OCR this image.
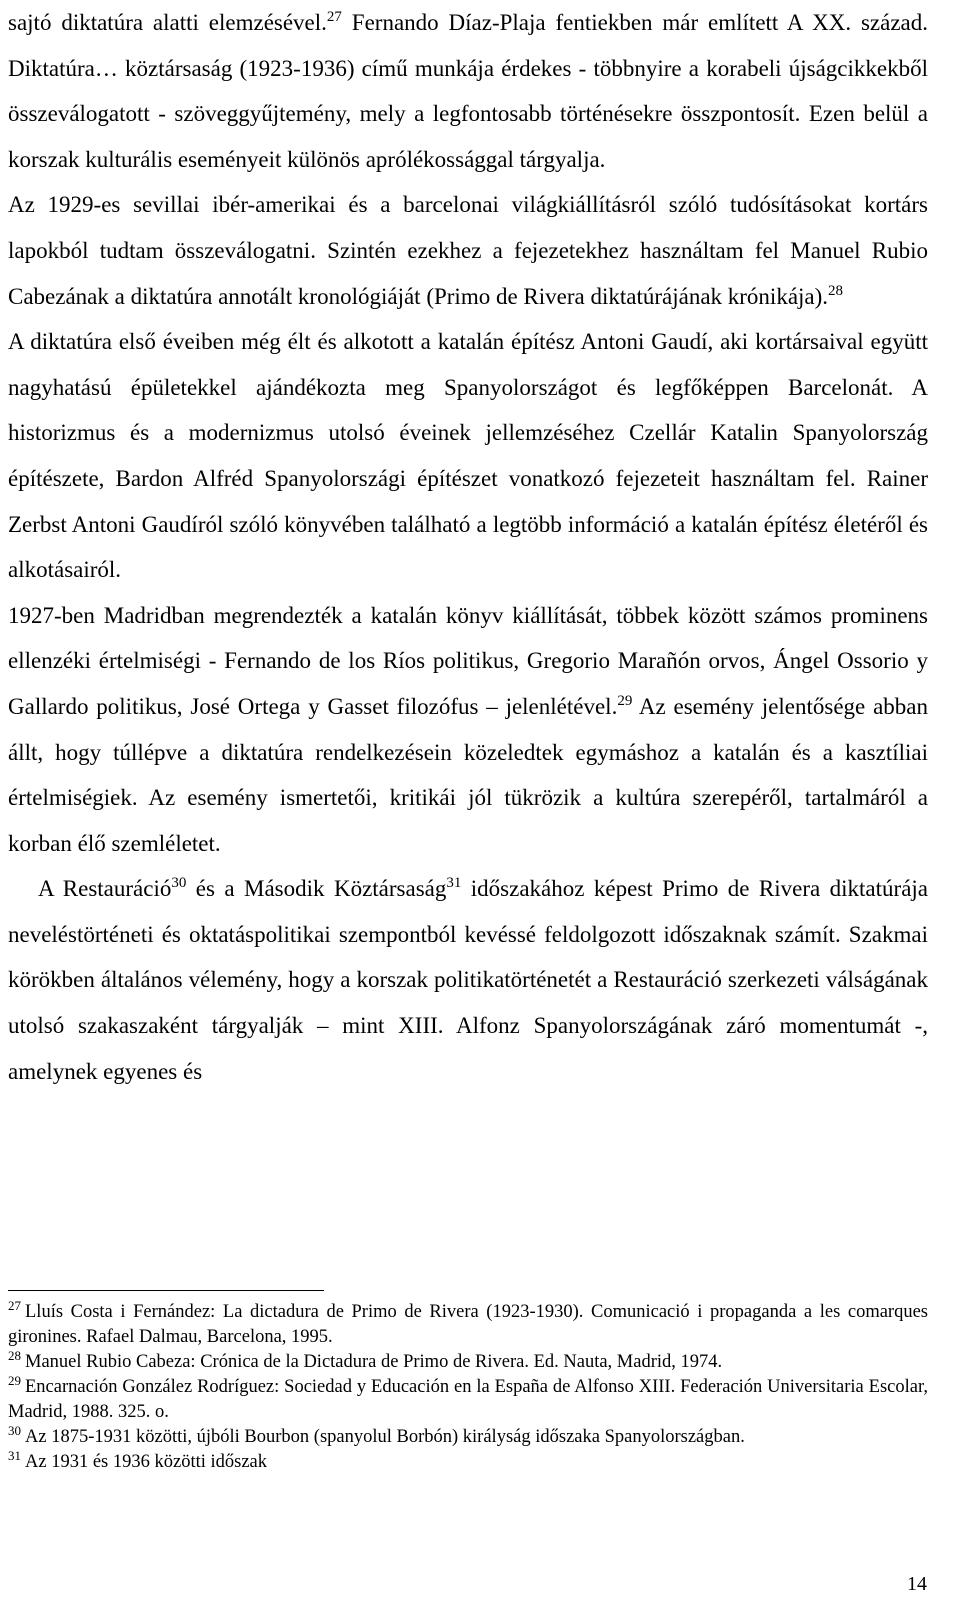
sajtó diktatúra alatti elemzésével.$^{27}$ Fernando Díaz-Plaja fentiekben már említett A XX. század. Diktatúra… köztársaság (1923-1936) című munkája érdekes - többnyire a korabeli újságcikkekből összeválogatott - szöveggyűjtemény, mely a legfontosabb történésekre összpontosít. Ezen belül a korszak kulturális eseményeit különös aprólékossággal tárgyalja.

Az 1929-es sevillai ibér-amerikai és a barcelonai világkiállításról szóló tudósításokat kortárs lapokból tudtam összeválogatni. Szintén ezekhez a fejezetekhez használtam fel Manuel Rubio Cabezának a diktatúra annotált kronológiáját (Primo de Rivera diktatúrájának krónikája).$^{28}$

A diktatúra első éveiben még élt és alkotott a katalán építész Antoni Gaudí, aki kortársaival együtt nagyhatású épületekkel ajándékozta meg Spanyolországot és legfőképpen Barcelonát. A historizmus és a modernizmus utolsó éveinek jellemzéséhez Czellár Katalin Spanyolország építészete, Bardon Alfréd Spanyolországi építészet vonatkozó fejezeteit használtam fel. Rainer Zerbst Antoni Gaudíról szóló könyvében található a legtöbb információ a katalán építész életéről és alkotásairól.

1927-ben Madridban megrendezték a katalán könyv kiállítását, többek között számos prominens ellenzéki értelmiségi - Fernando de los Ríos politikus, Gregorio Marañón orvos, Ángel Ossorio y Gallardo politikus, José Ortega y Gasset filozófus – jelenlétével.$^{29}$ Az esemény jelentősége abban állt, hogy túllépve a diktatúra rendelkezésein közeledtek egymáshoz a katalán és a kasztíliai értelmiségiek. Az esemény ismertetői, kritikái jól tükrözik a kultúra szerepéről, tartalmáról a korban élő szemléletet.

A Restauráció$^{30}$ és a Második Köztársaság$^{31}$ időszakához képest Primo de Rivera diktatúrája neveléstörténeti és oktatáspolitikai szempontból kevéssé feldolgozott időszaknak számít. Szakmai körökben általános vélemény, hogy a korszak politikatörténetét a Restauráció szerkezeti válságának utolsó szakaszaként tárgyalják – mint XIII. Alfonz Spanyolországának záró momentumát -, amelynek egyenes és

$^{27}$ Lluís Costa i Fernández: La dictadura de Primo de Rivera (1923-1930). Comunicació i propaganda a les comarques gironines. Rafael Dalmau, Barcelona, 1995.

$^{28}$ Manuel Rubio Cabeza: Crónica de la Dictadura de Primo de Rivera. Ed. Nauta, Madrid, 1974.

$^{29}$ Encarnación González Rodríguez: Sociedad y Educación en la España de Alfonso XIII. Federación Universitaria Escolar, Madrid, 1988. 325. o.

$^{30}$ Az 1875-1931 közötti, újbóli Bourbon (spanyolul Borbón) királyság időszaka Spanyolországban.

$^{31}$ Az 1931 és 1936 közötti időszak

14
